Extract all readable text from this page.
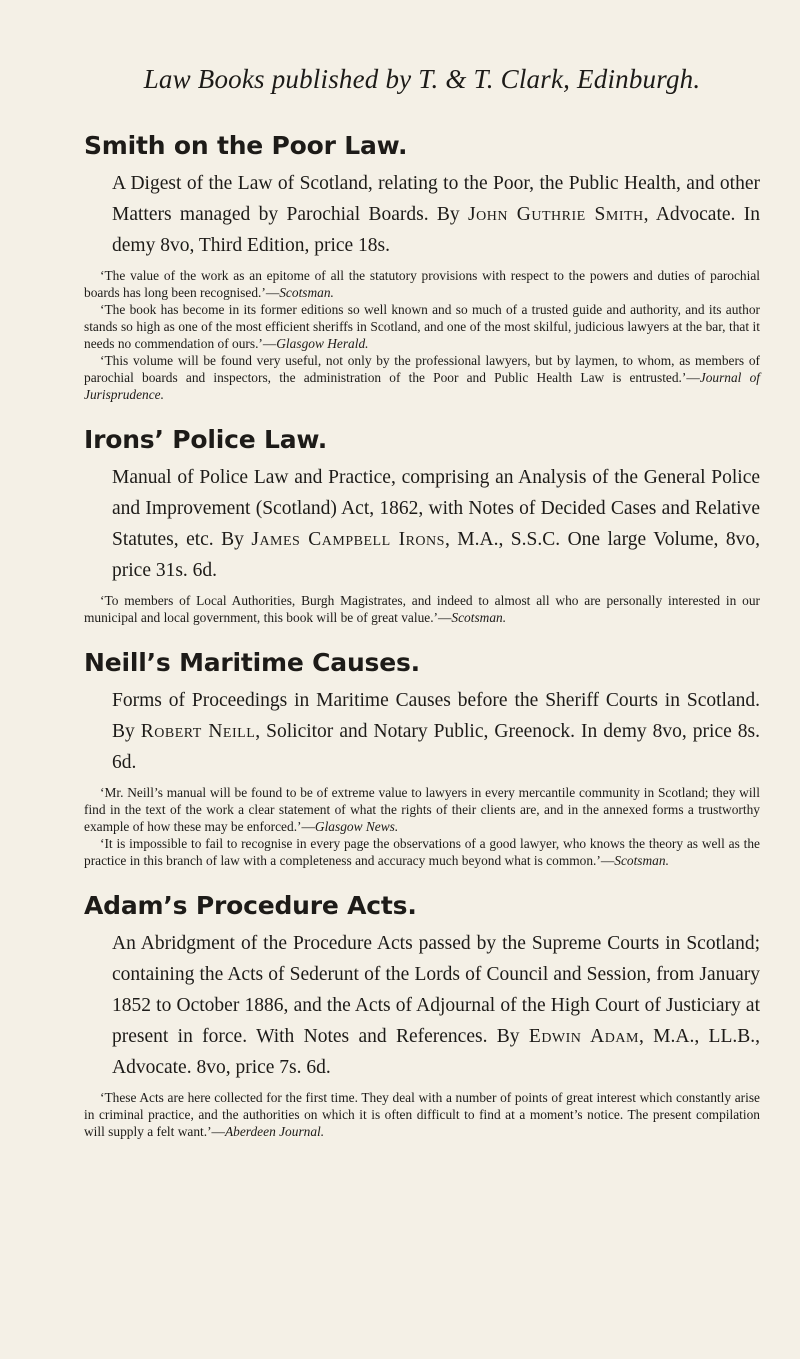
Law Books published by T. & T. Clark, Edinburgh.
Smith on the Poor Law.
A Digest of the Law of Scotland, relating to the Poor, the Public Health, and other Matters managed by Parochial Boards. By John Guthrie Smith, Advocate. In demy 8vo, Third Edition, price 18s.

‘The value of the work as an epitome of all the statutory provisions with respect to the powers and duties of parochial boards has long been recognised.’—Scotsman.

‘The book has become in its former editions so well known and so much of a trusted guide and authority, and its author stands so high as one of the most efficient sheriffs in Scotland, and one of the most skilful, judicious lawyers at the bar, that it needs no commendation of ours.’—Glasgow Herald.

‘This volume will be found very useful, not only by the professional lawyers, but by laymen, to whom, as members of parochial boards and inspectors, the administration of the Poor and Public Health Law is entrusted.’—Journal of Jurisprudence.

Irons’ Police Law.
Manual of Police Law and Practice, comprising an Analysis of the General Police and Improvement (Scotland) Act, 1862, with Notes of Decided Cases and Relative Statutes, etc. By James Campbell Irons, M.A., S.S.C. One large Volume, 8vo, price 31s. 6d.

‘To members of Local Authorities, Burgh Magistrates, and indeed to almost all who are personally interested in our municipal and local government, this book will be of great value.’—Scotsman.

Neill’s Maritime Causes.
Forms of Proceedings in Maritime Causes before the Sheriff Courts in Scotland. By Robert Neill, Solicitor and Notary Public, Greenock. In demy 8vo, price 8s. 6d.

‘Mr. Neill’s manual will be found to be of extreme value to lawyers in every mercantile community in Scotland; they will find in the text of the work a clear statement of what the rights of their clients are, and in the annexed forms a trustworthy example of how these may be enforced.’—Glasgow News.

‘It is impossible to fail to recognise in every page the observations of a good lawyer, who knows the theory as well as the practice in this branch of law with a completeness and accuracy much beyond what is common.’—Scotsman.

Adam’s Procedure Acts.
An Abridgment of the Procedure Acts passed by the Supreme Courts in Scotland; containing the Acts of Sederunt of the Lords of Council and Session, from January 1852 to October 1886, and the Acts of Adjournal of the High Court of Justiciary at present in force. With Notes and References. By Edwin Adam, M.A., LL.B., Advocate. 8vo, price 7s. 6d.

‘These Acts are here collected for the first time. They deal with a number of points of great interest which constantly arise in criminal practice, and the authorities on which it is often difficult to find at a moment’s notice. The present compilation will supply a felt want.’—Aberdeen Journal.
